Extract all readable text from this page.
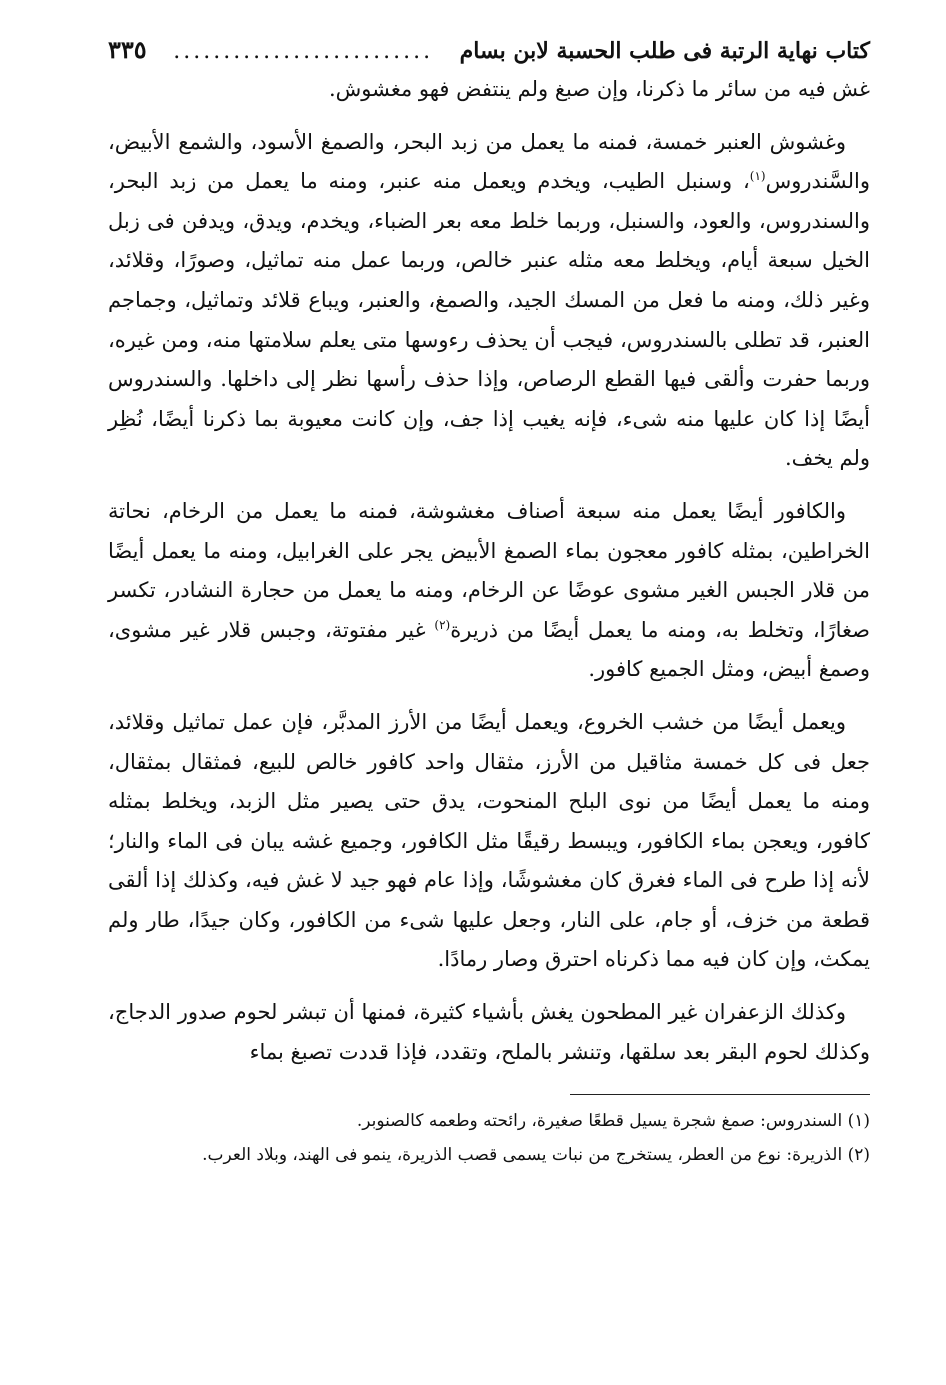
كتاب نهاية الرتبة فى طلب الحسبة لابن بسام
..........................
٣٣٥

غش فيه من سائر ما ذكرنا، وإن صبغ ولم ينتفض فهو مغشوش.

وغشوش العنبر خمسة، فمنه ما يعمل من زبد البحر، والصمغ الأسود، والشمع الأبيض، والسَّندروس$^{(١)}$، وسنبل الطيب، ويخدم ويعمل منه عنبر، ومنه ما يعمل من زبد البحر، والسندروس، والعود، والسنبل، وربما خلط معه بعر الضباء، ويخدم، ويدق، ويدفن فى زبل الخيل سبعة أيام، ويخلط معه مثله عنبر خالص، وربما عمل منه تماثيل، وصورًا، وقلائد، وغير ذلك، ومنه ما فعل من المسك الجيد، والصمغ، والعنبر، ويباع قلائد وتماثيل، وجماجم العنبر، قد تطلى بالسندروس، فيجب أن يحذف رءوسها متى يعلم سلامتها منه، ومن غيره، وربما حفرت وألقى فيها القطع الرصاص، وإذا حذف رأسها نظر إلى داخلها. والسندروس أيضًا إذا كان عليها منه شىء، فإنه يغيب إذا جف، وإن كانت معيوبة بما ذكرنا أيضًا، نُظِر ولم يخف.

والكافور أيضًا يعمل منه سبعة أصناف مغشوشة، فمنه ما يعمل من الرخام، نحاتة الخراطين، بمثله كافور معجون بماء الصمغ الأبيض يجر على الغرابيل، ومنه ما يعمل أيضًا من قلار الجبس الغير مشوى عوضًا عن الرخام، ومنه ما يعمل من حجارة النشادر، تكسر صغارًا، وتخلط به، ومنه ما يعمل أيضًا من ذريرة$^{(٢)}$ غير مفتوتة، وجبس قلار غير مشوى، وصمغ أبيض، ومثل الجميع كافور.

ويعمل أيضًا من خشب الخروع، ويعمل أيضًا من الأرز المدبَّر، فإن عمل تماثيل وقلائد، جعل فى كل خمسة مثاقيل من الأرز، مثقال واحد كافور خالص للبيع، فمثقال بمثقال، ومنه ما يعمل أيضًا من نوى البلح المنحوت، يدق حتى يصير مثل الزبد، ويخلط بمثله كافور، ويعجن بماء الكافور، ويبسط رقيقًا مثل الكافور، وجميع غشه يبان فى الماء والنار؛ لأنه إذا طرح فى الماء فغرق كان مغشوشًا، وإذا عام فهو جيد لا غش فيه، وكذلك إذا ألقى قطعة من خزف، أو جام، على النار، وجعل عليها شىء من الكافور، وكان جيدًا، طار ولم يمكث، وإن كان فيه مما ذكرناه احترق وصار رمادًا.

وكذلك الزعفران غير المطحون يغش بأشياء كثيرة، فمنها أن تبشر لحوم صدور الدجاج، وكذلك لحوم البقر بعد سلقها، وتنشر بالملح، وتقدد، فإذا قددت تصبغ بماء

(١) السندروس: صمغ شجرة يسيل قطعًا صغيرة، رائحته وطعمه كالصنوبر.

(٢) الذريرة: نوع من العطر، يستخرج من نبات يسمى قصب الذريرة، ينمو فى الهند، وبلاد العرب.
